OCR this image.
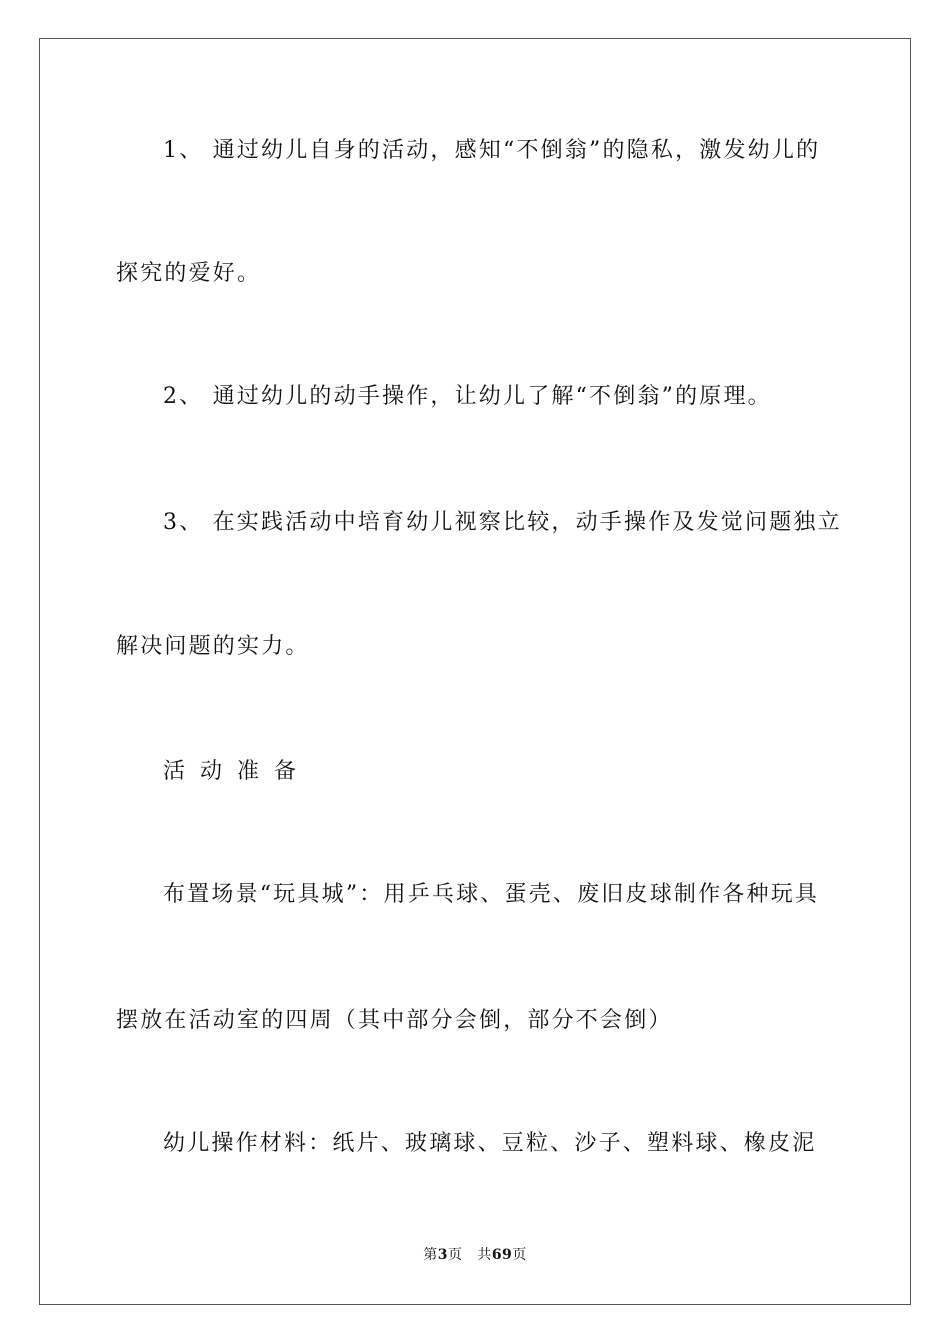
1、 通过幼儿自身的活动，感知“不倒翁”的隐私，激发幼儿的
探究的爱好。
2、 通过幼儿的动手操作，让幼儿了解“不倒翁”的原理。
3、 在实践活动中培育幼儿视察比较，动手操作及发觉问题独立
解决问题的实力。
活动准备
布置场景“玩具城”：用乒乓球、蛋壳、废旧皮球制作各种玩具
摆放在活动室的四周（其中部分会倒，部分不会倒）
幼儿操作材料：纸片、玻璃球、豆粒、沙子、塑料球、橡皮泥
第3页 共69页
